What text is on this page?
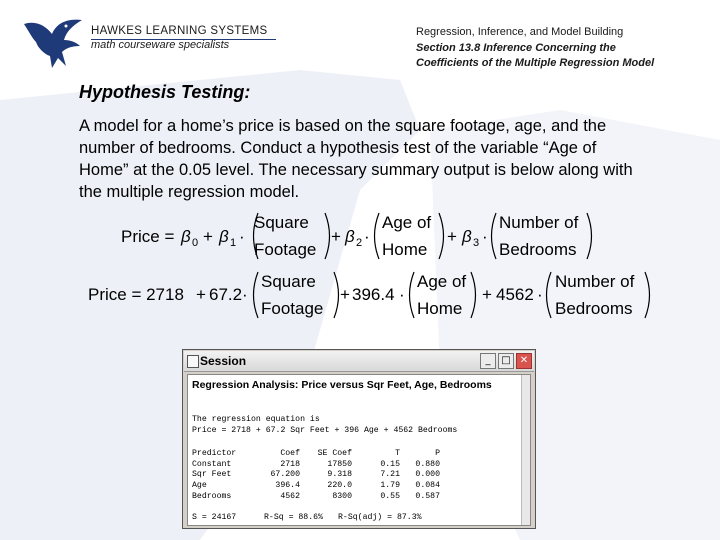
HAWKES LEARNING SYSTEMS
math courseware specialists
Regression, Inference, and Model Building
Section 13.8 Inference Concerning the
Coefficients of the Multiple Regression Model
Hypothesis Testing:
A model for a home’s price is based on the square footage, age, and the number of bedrooms. Conduct a hypothesis test of the variable “Age of Home” at the 0.05 level. The necessary summary output is below along with the multiple regression model.
Price = β 0 + β 1 ·
Square
Footage
+ β 2 ·
Age of
Home
+ β 3 ·
Number of
Bedrooms
Price = 2718 + 67.2 ·
Square
Footage
+ 396.4 ·
Age of
Home
+ 4562 ·
Number of
Bedrooms
Session	_	□ ✕
Regression Analysis: Price versus Sqr Feet, Age, Bedrooms
The regression equation is
Price = 2718 + 67.2 Sqr Feet + 396 Age + 4562 Bedrooms
Predictor	Coef	SE Coef	T	P
Constant	2718	17850	0.15	0.880
Sqr Feet	67.200	9.318	7.21	0.000
Age	396.4	220.0	1.79	0.084
Bedrooms	4562	8300	0.55	0.587
S = 24167	R-Sq = 88.6% R-Sq(adj) = 87.3%
